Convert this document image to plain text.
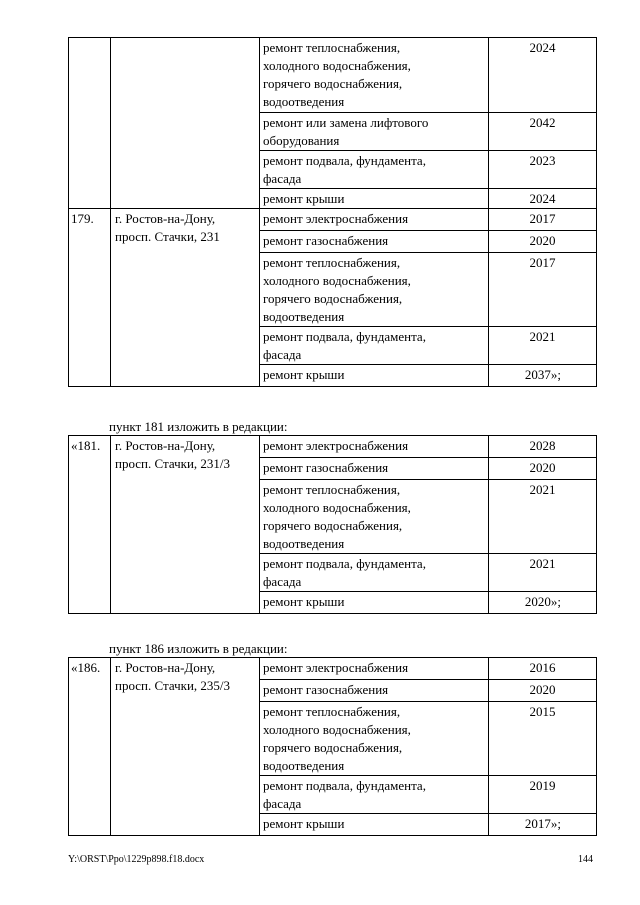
		ремонт теплоснабжения,
холодного водоснабжения,
горячего водоснабжения,
водоотведения	2024
		ремонт или замена лифтового
оборудования	2042
		ремонт подвала, фундамента,
фасада	2023
		ремонт крыши	2024
179.	г. Ростов-на-Дону,
просп. Стачки, 231	ремонт электроснабжения	2017
		ремонт газоснабжения	2020
		ремонт теплоснабжения,
холодного водоснабжения,
горячего водоснабжения,
водоотведения	2017
		ремонт подвала, фундамента,
фасада	2021
		ремонт крыши	2037»;
пункт 181 изложить в редакции:
«181.	г. Ростов-на-Дону,
просп. Стачки, 231/3	ремонт электроснабжения	2028
		ремонт газоснабжения	2020
		ремонт теплоснабжения,
холодного водоснабжения,
горячего водоснабжения,
водоотведения	2021
		ремонт подвала, фундамента,
фасада	2021
		ремонт крыши	2020»;
пункт 186 изложить в редакции:
«186.	г. Ростов-на-Дону,
просп. Стачки, 235/3	ремонт электроснабжения	2016
		ремонт газоснабжения	2020
		ремонт теплоснабжения,
холодного водоснабжения,
горячего водоснабжения,
водоотведения	2015
		ремонт подвала, фундамента,
фасада	2019
		ремонт крыши	2017»;
Y:\ORST\Ppo\1229p898.f18.docx	144
